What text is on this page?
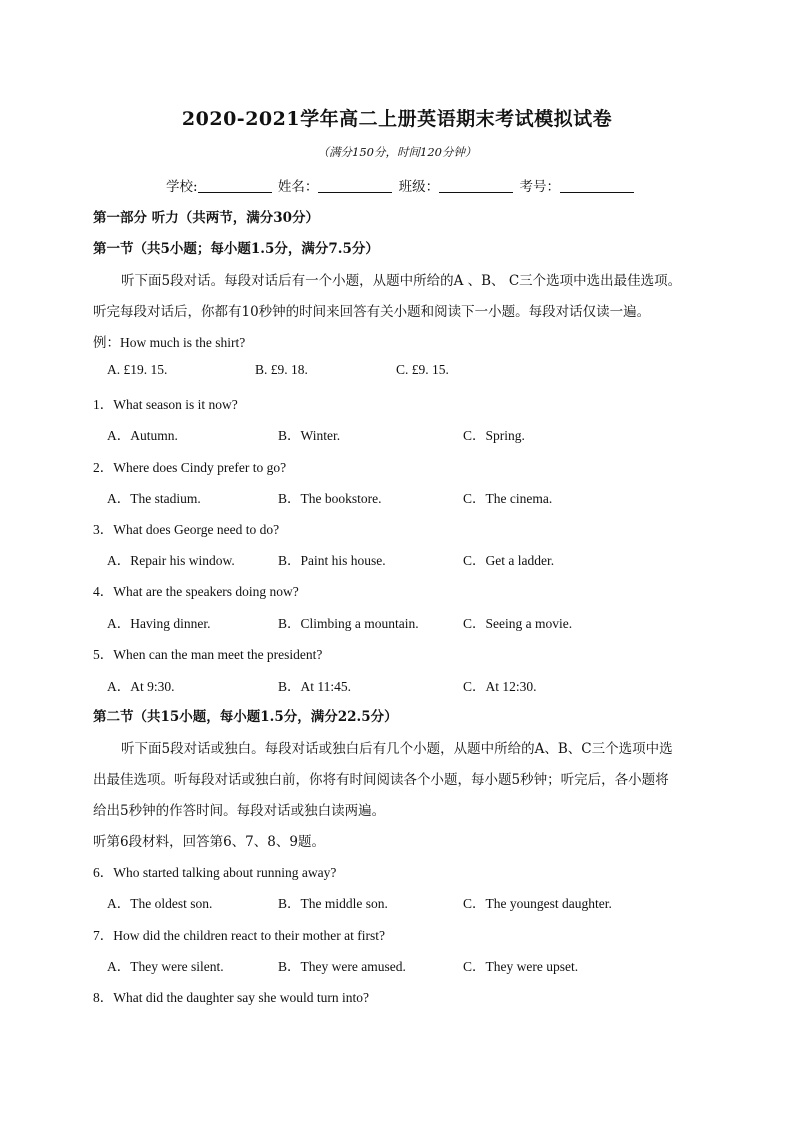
2020-2021学年高二上册英语期末考试模拟试卷
（满分150分，时间120分钟）
学校:	姓名：	班级：	考号：
第一部分 听力（共两节，满分30分）
第一节（共5小题；每小题1.5分，满分7.5分）
听下面5段对话。每段对话后有一个小题，从题中所给的A 、B、 C三个选项中选出最佳选项。
听完每段对话后，你都有10秒钟的时间来回答有关小题和阅读下一小题。每段对话仅读一遍。
例：How much is the shirt?
A. £19. 15.	B. £9. 18.	C. £9. 15.
1．What season is it now?
A．Autumn.	B．Winter.	C．Spring.
2．Where does Cindy prefer to go?
A．The stadium.	B．The bookstore.	C．The cinema.
3．What does George need to do?
A．Repair his window.	B．Paint his house.	C．Get a ladder.
4．What are the speakers doing now?
A．Having dinner.	B．Climbing a mountain.	C．Seeing a movie.
5．When can the man meet the president?
A．At 9:30.	B．At 11:45.	C．At 12:30.
第二节（共15小题，每小题1.5分，满分22.5分）
听下面5段对话或独白。每段对话或独白后有几个小题，从题中所给的A、B、C三个选项中选
出最佳选项。听每段对话或独白前，你将有时间阅读各个小题，每小题5秒钟；听完后，各小题将
给出5秒钟的作答时间。每段对话或独白读两遍。
听第6段材料，回答第6、7、8、9题。
6．Who started talking about running away?
A．The oldest son.	B．The middle son.	C．The youngest daughter.
7．How did the children react to their mother at first?
A．They were silent.	B．They were amused.	C．They were upset.
8．What did the daughter say she would turn into?
